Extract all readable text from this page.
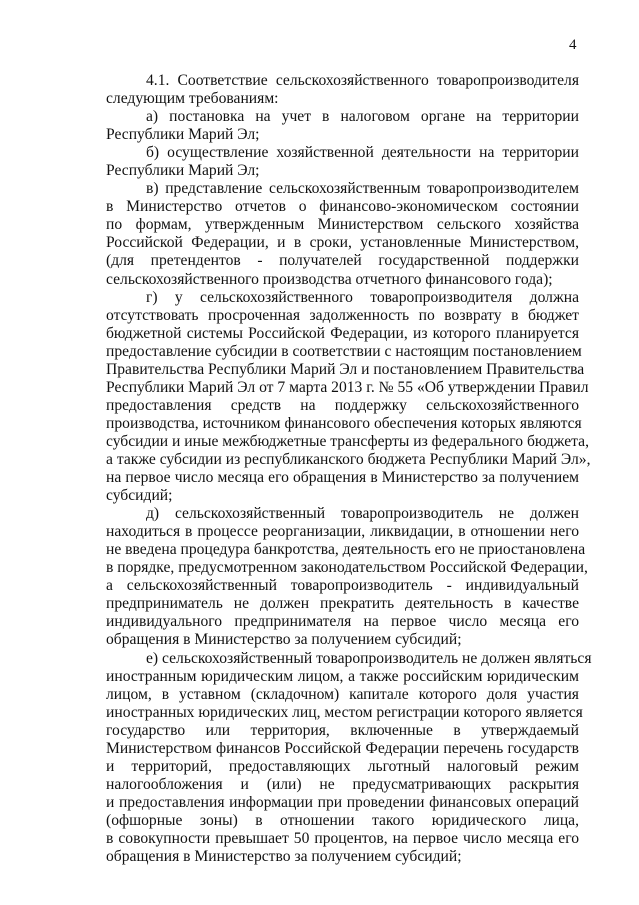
4

4.1. Соответствие сельскохозяйственного товаропроизводителя
следующим требованиям:

а) постановка на учет в налоговом органе на территории
Республики Марий Эл;

б) осуществление хозяйственной деятельности на территории
Республики Марий Эл;

в) представление сельскохозяйственным товаропроизводителем
в Министерство отчетов о финансово-экономическом состоянии
по формам, утвержденным Министерством сельского хозяйства
Российской Федерации, и в сроки, установленные Министерством,
(для претендентов - получателей государственной поддержки
сельскохозяйственного производства отчетного финансового года);

г) у сельскохозяйственного товаропроизводителя должна
отсутствовать просроченная задолженность по возврату в бюджет
бюджетной системы Российской Федерации, из которого планируется
предоставление субсидии в соответствии с настоящим постановлением
Правительства Республики Марий Эл и постановлением Правительства
Республики Марий Эл от 7 марта 2013 г. № 55 «Об утверждении Правил
предоставления средств на поддержку сельскохозяйственного
производства, источником финансового обеспечения которых являются
субсидии и иные межбюджетные трансферты из федерального бюджета,
а также субсидии из республиканского бюджета Республики Марий Эл»,
на первое число месяца его обращения в Министерство за получением
субсидий;

д) сельскохозяйственный товаропроизводитель не должен
находиться в процессе реорганизации, ликвидации, в отношении него
не введена процедура банкротства, деятельность его не приостановлена
в порядке, предусмотренном законодательством Российской Федерации,
а сельскохозяйственный товаропроизводитель - индивидуальный
предприниматель не должен прекратить деятельность в качестве
индивидуального предпринимателя на первое число месяца его
обращения в Министерство за получением субсидий;

е) сельскохозяйственный товаропроизводитель не должен являться
иностранным юридическим лицом, а также российским юридическим
лицом, в уставном (складочном) капитале которого доля участия
иностранных юридических лиц, местом регистрации которого является
государство или территория, включенные в утверждаемый
Министерством финансов Российской Федерации перечень государств
и территорий, предоставляющих льготный налоговый режим
налогообложения и (или) не предусматривающих раскрытия
и предоставления информации при проведении финансовых операций
(офшорные зоны) в отношении такого юридического лица,
в совокупности превышает 50 процентов, на первое число месяца его
обращения в Министерство за получением субсидий;
